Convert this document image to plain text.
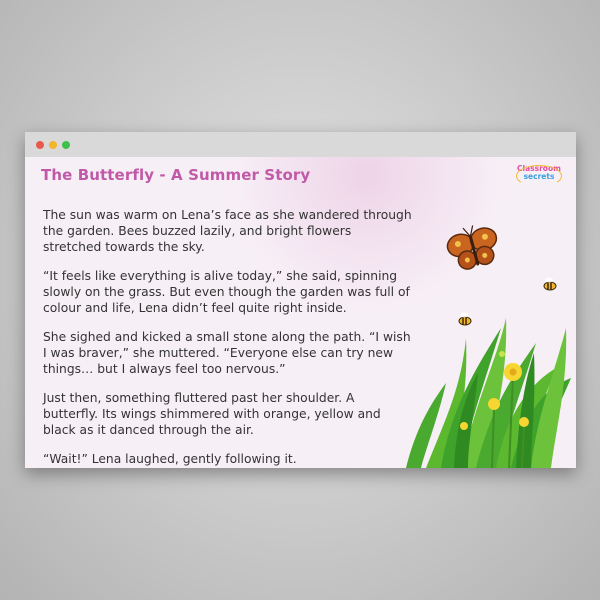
The Butterfly - A Summer Story	Classroom
secrets

The sun was warm on Lena’s face as she wandered through the garden. Bees buzzed lazily, and bright flowers stretched towards the sky.

“It feels like everything is alive today,” she said, spinning slowly on the grass. But even though the garden was full of colour and life, Lena didn’t feel quite right inside.

She sighed and kicked a small stone along the path. “I wish I was braver,” she muttered. “Everyone else can try new things… but I always feel too nervous.”

Just then, something fluttered past her shoulder. A butterfly. Its wings shimmered with orange, yellow and black as it danced through the air.

“Wait!” Lena laughed, gently following it.
